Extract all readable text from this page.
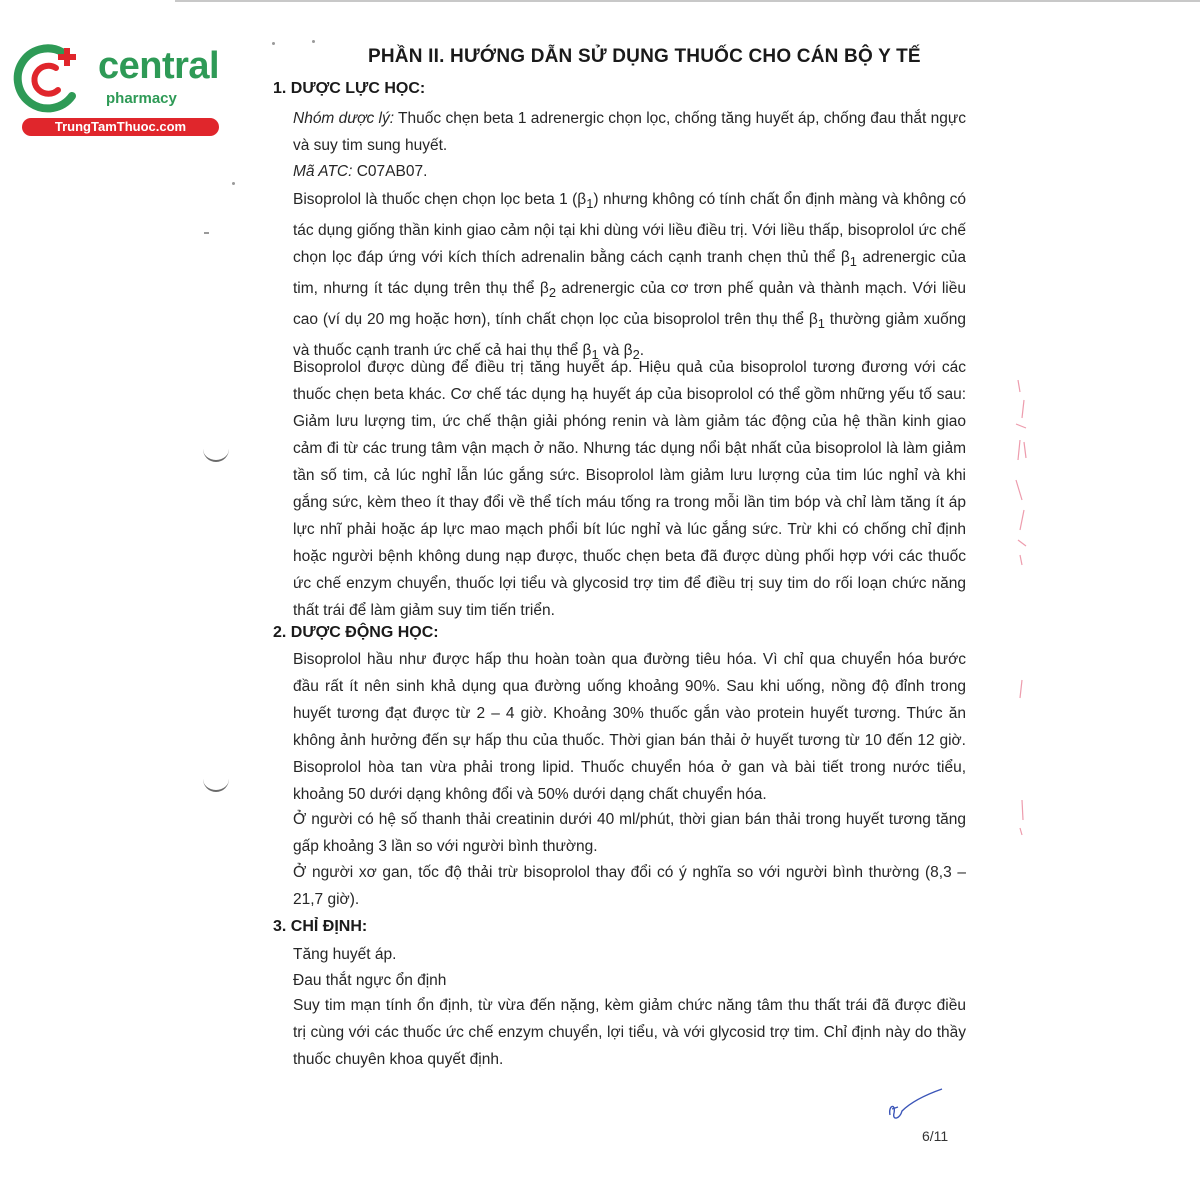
central
pharmacy
TrungTamThuoc.com
PHẦN II. HƯỚNG DẪN SỬ DỤNG THUỐC CHO CÁN BỘ Y TẾ
1. DƯỢC LỰC HỌC:
Nhóm dược lý: Thuốc chẹn beta 1 adrenergic chọn lọc, chống tăng huyết áp, chống đau thắt ngực và suy tim sung huyết.
Mã ATC: C07AB07.
Bisoprolol là thuốc chẹn chọn lọc beta 1 $(\beta_1)$ nhưng không có tính chất ổn định màng và không có tác dụng giống thần kinh giao cảm nội tại khi dùng với liều điều trị. Với liều thấp, bisoprolol ức chế chọn lọc đáp ứng với kích thích adrenalin bằng cách cạnh tranh chẹn thủ thể $\beta_1$ adrenergic của tim, nhưng ít tác dụng trên thụ thể $\beta_2$ adrenergic của cơ trơn phế quản và thành mạch. Với liều cao (ví dụ 20 mg hoặc hơn), tính chất chọn lọc của bisoprolol trên thụ thể $\beta_1$ thường giảm xuống và thuốc cạnh tranh ức chế cả hai thụ thể $\beta_1$ và $\beta_2$.
Bisoprolol được dùng để điều trị tăng huyết áp. Hiệu quả của bisoprolol tương đương với các thuốc chẹn beta khác. Cơ chế tác dụng hạ huyết áp của bisoprolol có thể gồm những yếu tố sau: Giảm lưu lượng tim, ức chế thận giải phóng renin và làm giảm tác động của hệ thần kinh giao cảm đi từ các trung tâm vận mạch ở não. Nhưng tác dụng nổi bật nhất của bisoprolol là làm giảm tần số tim, cả lúc nghỉ lẫn lúc gắng sức. Bisoprolol làm giảm lưu lượng của tim lúc nghỉ và khi gắng sức, kèm theo ít thay đổi về thể tích máu tống ra trong mỗi lần tim bóp và chỉ làm tăng ít áp lực nhĩ phải hoặc áp lực mao mạch phổi bít lúc nghỉ và lúc gắng sức. Trừ khi có chống chỉ định hoặc người bệnh không dung nạp được, thuốc chẹn beta đã được dùng phối hợp với các thuốc ức chế enzym chuyển, thuốc lợi tiểu và glycosid trợ tim để điều trị suy tim do rối loạn chức năng thất trái để làm giảm suy tim tiến triển.
2. DƯỢC ĐỘNG HỌC:
Bisoprolol hầu như được hấp thu hoàn toàn qua đường tiêu hóa. Vì chỉ qua chuyển hóa bước đầu rất ít nên sinh khả dụng qua đường uống khoảng 90%. Sau khi uống, nồng độ đỉnh trong huyết tương đạt được từ 2 – 4 giờ. Khoảng 30% thuốc gắn vào protein huyết tương. Thức ăn không ảnh hưởng đến sự hấp thu của thuốc. Thời gian bán thải ở huyết tương từ 10 đến 12 giờ. Bisoprolol hòa tan vừa phải trong lipid. Thuốc chuyển hóa ở gan và bài tiết trong nước tiểu, khoảng 50 dưới dạng không đổi và 50% dưới dạng chất chuyển hóa.
Ở người có hệ số thanh thải creatinin dưới 40 ml/phút, thời gian bán thải trong huyết tương tăng gấp khoảng 3 lần so với người bình thường.
Ở người xơ gan, tốc độ thải trừ bisoprolol thay đổi có ý nghĩa so với người bình thường (8,3 – 21,7 giờ).
3. CHỈ ĐỊNH:
Tăng huyết áp.
Đau thắt ngực ổn định
Suy tim mạn tính ổn định, từ vừa đến nặng, kèm giảm chức năng tâm thu thất trái đã được điều trị cùng với các thuốc ức chế enzym chuyển, lợi tiểu, và với glycosid trợ tim. Chỉ định này do thầy thuốc chuyên khoa quyết định.
6/11
